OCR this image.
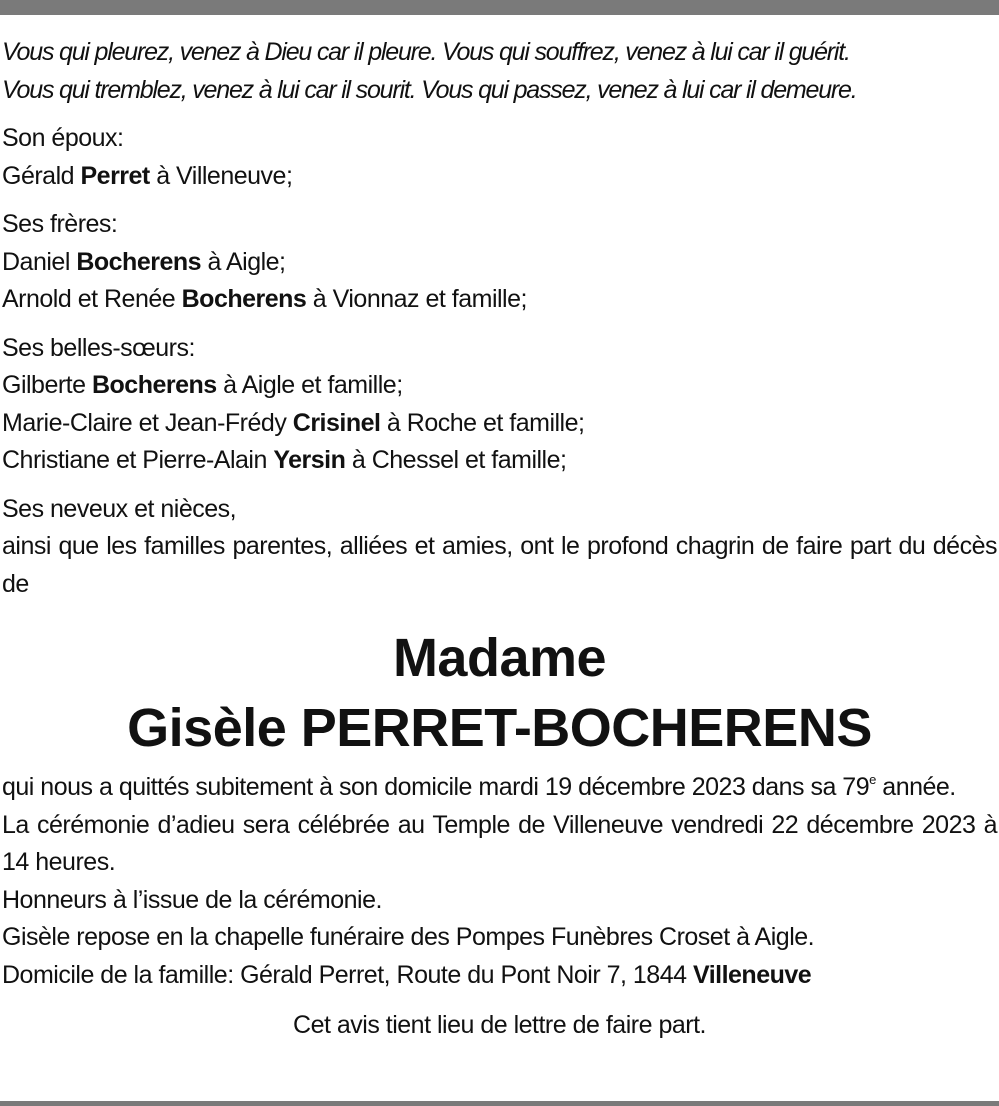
Vous qui pleurez, venez à Dieu car il pleure. Vous qui souffrez, venez à lui car il guérit.
Vous qui tremblez, venez à lui car il sourit. Vous qui passez, venez à lui car il demeure.
Son époux:
Gérald Perret à Villeneuve;
Ses frères:
Daniel Bocherens à Aigle;
Arnold et Renée Bocherens à Vionnaz et famille;
Ses belles-sœurs:
Gilberte Bocherens à Aigle et famille;
Marie-Claire et Jean-Frédy Crisinel à Roche et famille;
Christiane et Pierre-Alain Yersin à Chessel et famille;
Ses neveux et nièces,
ainsi que les familles parentes, alliées et amies, ont le profond chagrin de faire part du décès de
Madame
Gisèle PERRET-BOCHERENS
qui nous a quittés subitement à son domicile mardi 19 décembre 2023 dans sa 79e année.
La cérémonie d’adieu sera célébrée au Temple de Villeneuve vendredi 22 décembre 2023 à 14 heures.
Honneurs à l’issue de la cérémonie.
Gisèle repose en la chapelle funéraire des Pompes Funèbres Croset à Aigle.
Domicile de la famille: Gérald Perret, Route du Pont Noir 7, 1844 Villeneuve
Cet avis tient lieu de lettre de faire part.
